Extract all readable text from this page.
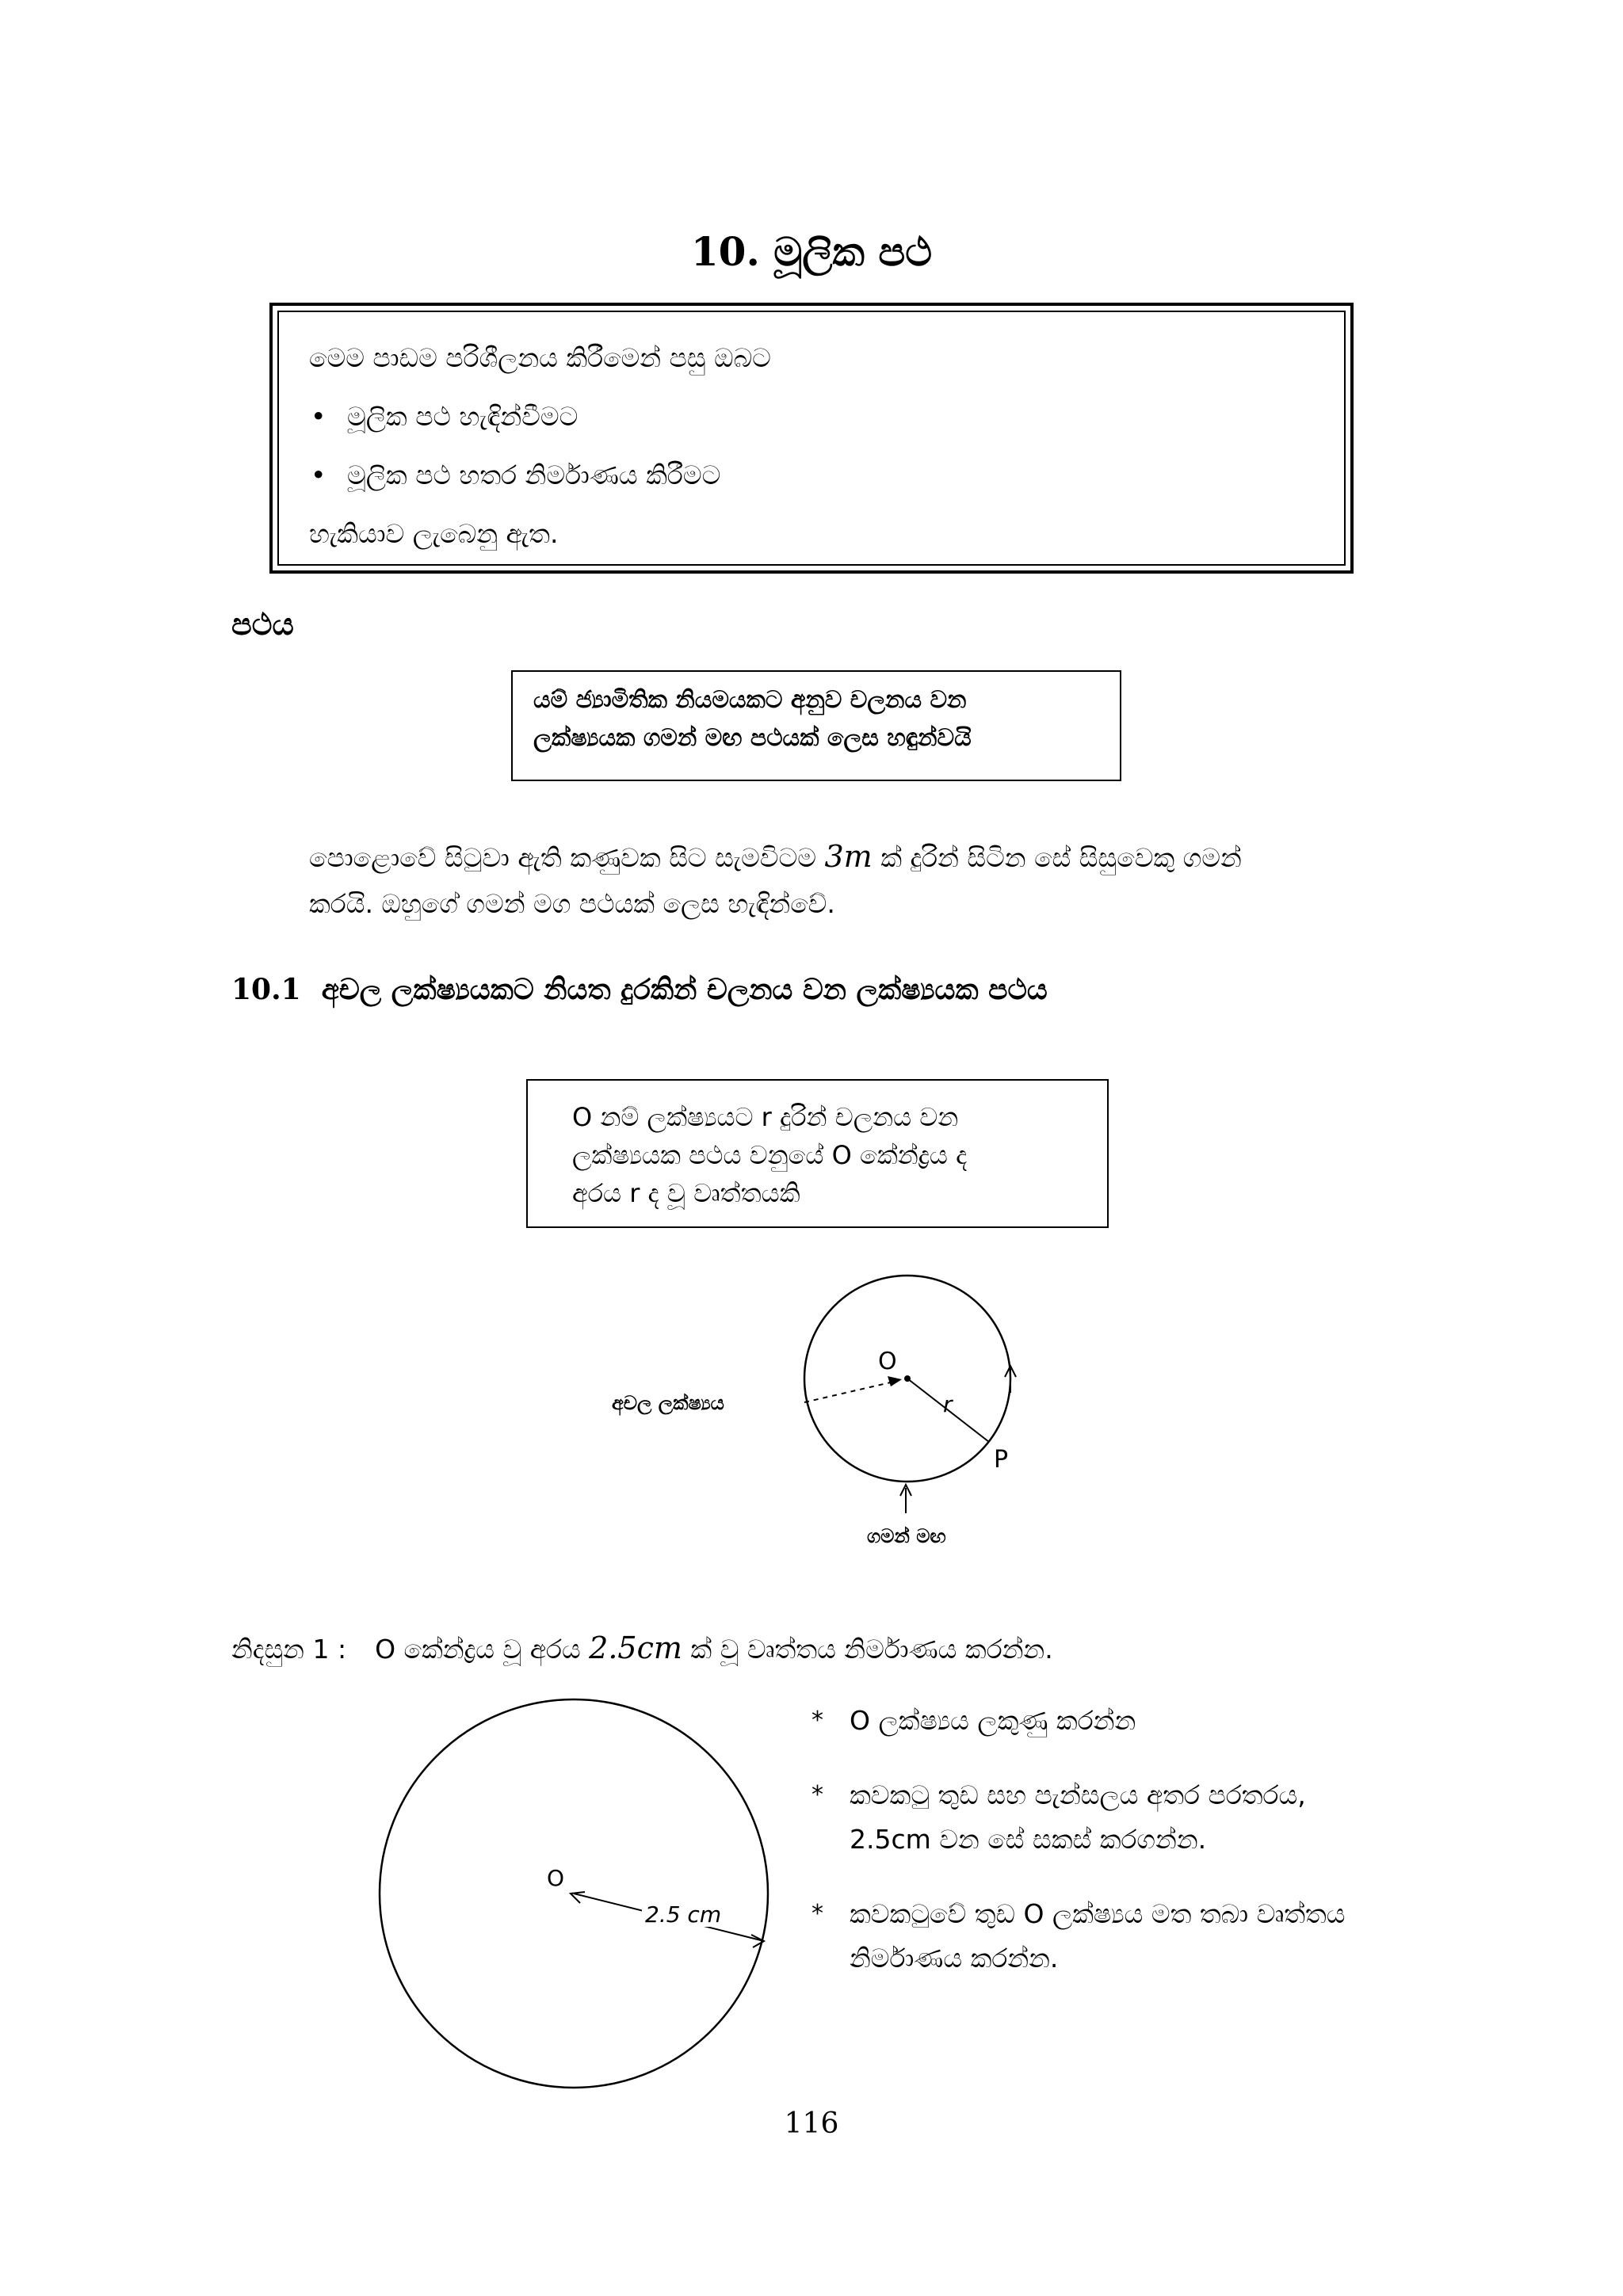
10. මූලික පථ
මෙම පාඩම පරිශීලනය කිරීමෙන් පසු ඔබට
• මූලික පථ හැඳින්වීමට
• මූලික පථ හතර නිර්මාණය කිරීමට
හැකියාව ලැබෙනු ඇත.
පථය
යම් ජ්‍යාමිතික නියමයකට අනුව චලනය වන
ලක්ෂ්‍යයක ගමන් මඟ පථයක් ලෙස හඳුන්වයි
පොළොවේ සිටුවා ඇති කණුවක සිට සැමවිටම 3m ක් දුරින් සිටින සේ සිසුවෙකු ගමන්
කරයි. ඔහුගේ ගමන් මග පථයක් ලෙස හැඳින්වේ.
10.1 අචල ලක්ෂ්‍යයකට නියත දුරකින් චලනය වන ලක්ෂ්‍යයක පථය
O නම් ලක්ෂ්‍යයට r දුරින් චලනය වන
ලක්ෂ්‍යයක පථය වනුයේ O කේන්ද්‍රය ද
අරය r ද වූ වෘත්තයකි
O
r
P
අචල ලක්ෂ්‍යය
ගමන් මඟ
නිදසුන 1 : O කේන්ද්‍රය වූ අරය 2.5cm ක් වූ වෘත්තය නිර්මාණය කරන්න.
O
2.5 cm
* O ලක්ෂ්‍යය ලකුණු කරන්න
* කවකටු තුඩ සහ පැන්සලය අතර පරතරය,
2.5cm වන සේ සකස් කරගන්න.
* කවකටුවේ තුඩ O ලක්ෂ්‍යය මත තබා වෘත්තය
නිර්මාණය කරන්න.
116
